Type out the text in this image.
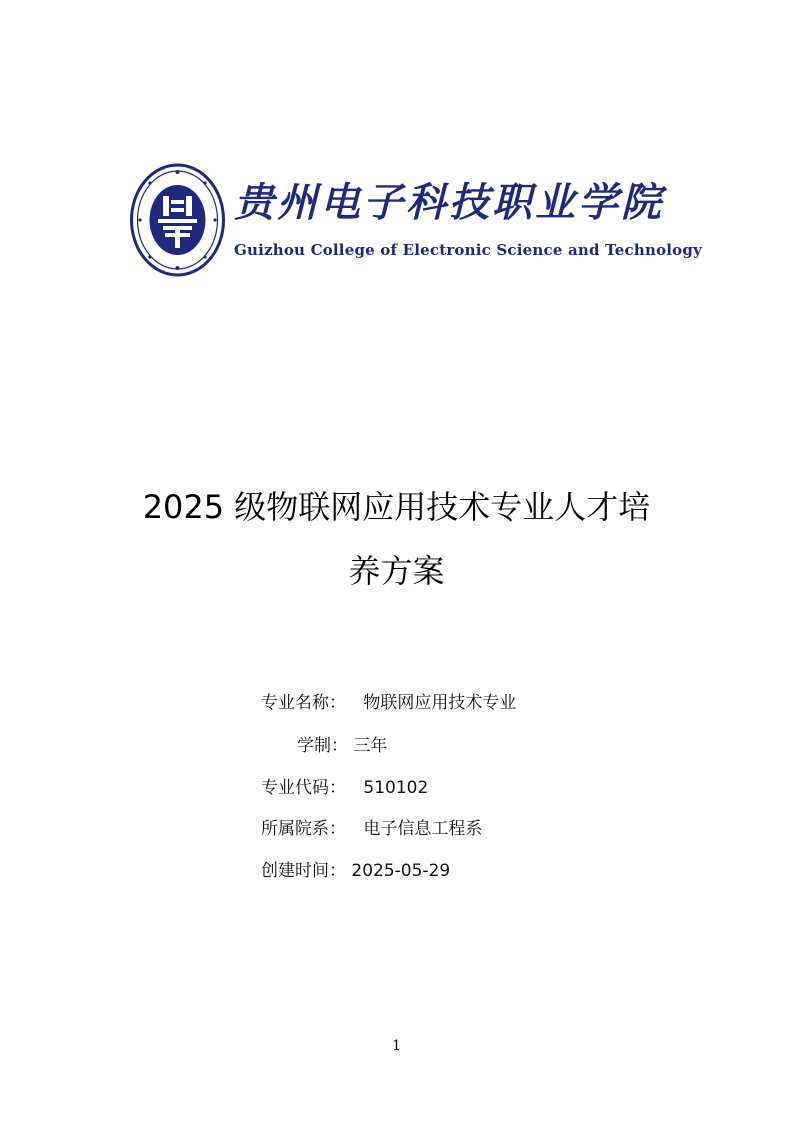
贵州电子科技职业学院
Guizhou College of Electronic Science and Technology
2025 级物联网应用技术专业人才培
养方案
专业名称： 物联网应用技术专业
学制： 三年
专业代码： 510102
所属院系： 电子信息工程系
创建时间： 2025-05-29
1
